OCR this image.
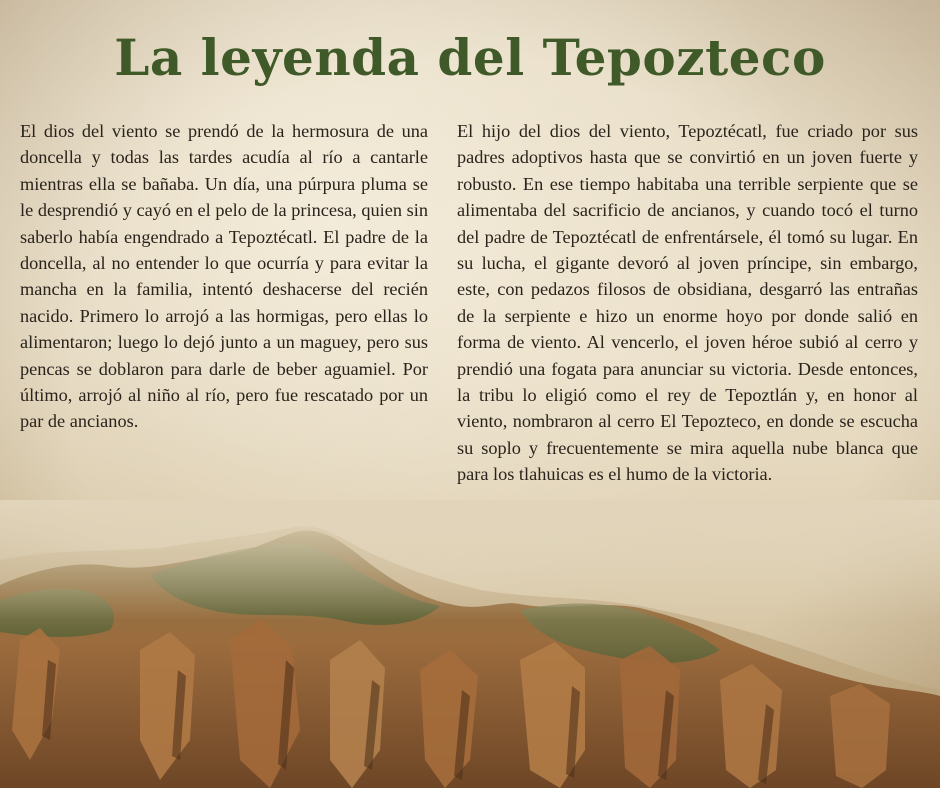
La leyenda del Tepozteco

El dios del viento se prendó de la hermosura de una doncella y todas las tardes acudía al río a cantarle mientras ella se bañaba. Un día, una púrpura pluma se le desprendió y cayó en el pelo de la princesa, quien sin saberlo había engendrado a Tepoztécatl. El padre de la doncella, al no entender lo que ocurría y para evitar la mancha en la familia, intentó deshacerse del recién nacido. Primero lo arrojó a las hormigas, pero ellas lo alimentaron; luego lo dejó junto a un maguey, pero sus pencas se doblaron para darle de beber aguamiel. Por último, arrojó al niño al río, pero fue rescatado por un par de ancianos.

El hijo del dios del viento, Tepoztécatl, fue criado por sus padres adoptivos hasta que se convirtió en un joven fuerte y robusto. En ese tiempo habitaba una terrible serpiente que se alimentaba del sacrificio de ancianos, y cuando tocó el turno del padre de Tepoztécatl de enfrentársele, él tomó su lugar. En su lucha, el gigante devoró al joven príncipe, sin embargo, este, con pedazos filosos de obsidiana, desgarró las entrañas de la serpiente e hizo un enorme hoyo por donde salió en forma de viento. Al vencerlo, el joven héroe subió al cerro y prendió una fogata para anunciar su victoria. Desde entonces, la tribu lo eligió como el rey de Tepoztlán y, en honor al viento, nombraron al cerro El Tepozteco, en donde se escucha su soplo y frecuentemente se mira aquella nube blanca que para los tlahuicas es el humo de la victoria.
